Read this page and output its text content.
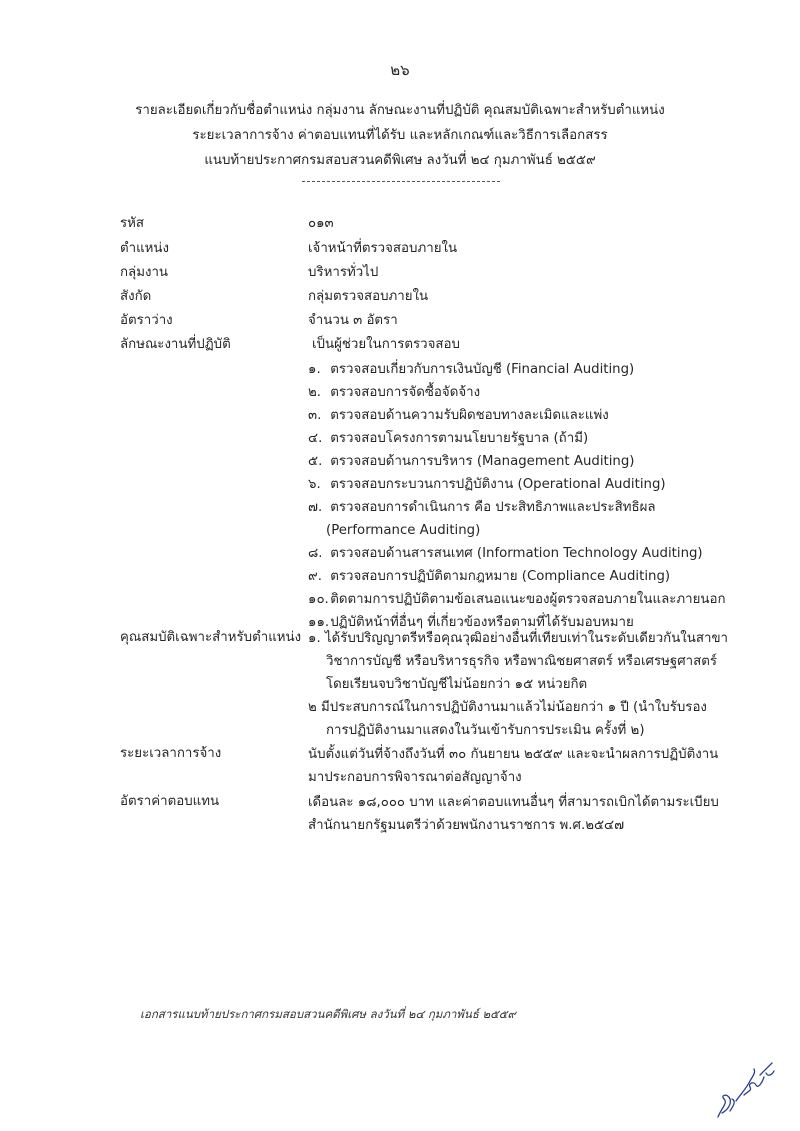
๒๖
รายละเอียดเกี่ยวกับชื่อตำแหน่ง กลุ่มงาน ลักษณะงานที่ปฏิบัติ คุณสมบัติเฉพาะสำหรับตำแหน่ง
ระยะเวลาการจ้าง ค่าตอบแทนที่ได้รับ และหลักเกณฑ์และวิธีการเลือกสรร
แนบท้ายประกาศกรมสอบสวนคดีพิเศษ ลงวันที่ ๒๔ กุมภาพันธ์ ๒๕๕๙
รหัส	๐๑๓
ตำแหน่ง	เจ้าหน้าที่ตรวจสอบภายใน
กลุ่มงาน	บริหารทั่วไป
สังกัด	กลุ่มตรวจสอบภายใน
อัตราว่าง	จำนวน ๓ อัตรา
ลักษณะงานที่ปฏิบัติ	เป็นผู้ช่วยในการตรวจสอบ
๑. ตรวจสอบเกี่ยวกับการเงินบัญชี (Financial Auditing)
๒. ตรวจสอบการจัดซื้อจัดจ้าง
๓. ตรวจสอบด้านความรับผิดชอบทางละเมิดและแพ่ง
๔. ตรวจสอบโครงการตามนโยบายรัฐบาล (ถ้ามี)
๕. ตรวจสอบด้านการบริหาร (Management Auditing)
๖. ตรวจสอบกระบวนการปฏิบัติงาน (Operational Auditing)
๗. ตรวจสอบการดำเนินการ คือ ประสิทธิภาพและประสิทธิผล
(Performance Auditing)
๘. ตรวจสอบด้านสารสนเทศ (Information Technology Auditing)
๙. ตรวจสอบการปฏิบัติตามกฎหมาย (Compliance Auditing)
๑๐. ติดตามการปฏิบัติตามข้อเสนอแนะของผู้ตรวจสอบภายในและภายนอก
๑๑. ปฏิบัติหน้าที่อื่นๆ ที่เกี่ยวข้องหรือตามที่ได้รับมอบหมาย
คุณสมบัติเฉพาะสำหรับตำแหน่ง ๑. ได้รับปริญญาตรีหรือคุณวุฒิอย่างอื่นที่เทียบเท่าในระดับเดียวกันในสาขา
วิชาการบัญชี หรือบริหารธุรกิจ หรือพาณิชยศาสตร์ หรือเศรษฐศาสตร์
โดยเรียนจบวิชาบัญชีไม่น้อยกว่า ๑๕ หน่วยกิต
๒ มีประสบการณ์ในการปฏิบัติงานมาแล้วไม่น้อยกว่า ๑ ปี (นำใบรับรอง
การปฏิบัติงานมาแสดงในวันเข้ารับการประเมิน ครั้งที่ ๒)
ระยะเวลาการจ้าง	นับตั้งแต่วันที่จ้างถึงวันที่ ๓๐ กันยายน ๒๕๕๙ และจะนำผลการปฏิบัติงาน
มาประกอบการพิจารณาต่อสัญญาจ้าง
อัตราค่าตอบแทน	เดือนละ ๑๘,๐๐๐ บาท และค่าตอบแทนอื่นๆ ที่สามารถเบิกได้ตามระเบียบ
สำนักนายกรัฐมนตรีว่าด้วยพนักงานราชการ พ.ศ.๒๕๔๗
เอกสารแนบท้ายประกาศกรมสอบสวนคดีพิเศษ ลงวันที่ ๒๔ กุมภาพันธ์ ๒๕๕๙
